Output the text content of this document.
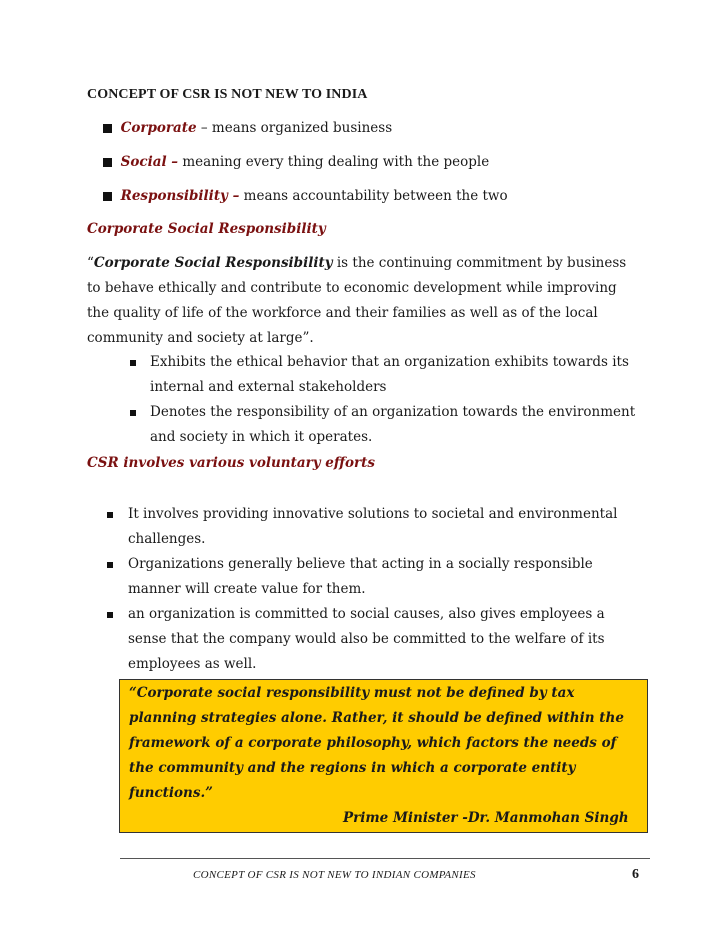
CONCEPT OF CSR IS NOT NEW TO INDIA
Corporate – means organized business
Social – meaning every thing dealing with the people
Responsibility – means accountability between the two
Corporate Social Responsibility
“Corporate Social Responsibility is the continuing commitment by business
to behave ethically and contribute to economic development while improving
the quality of life of the workforce and their families as well as of the local
community and society at large”.
Exhibits the ethical behavior that an organization exhibits towards its
internal and external stakeholders
Denotes the responsibility of an organization towards the environment
and society in which it operates.
CSR involves various voluntary efforts
It involves providing innovative solutions to societal and environmental
challenges.
Organizations generally believe that acting in a socially responsible
manner will create value for them.
an organization is committed to social causes, also gives employees a
sense that the company would also be committed to the welfare of its
employees as well.
“Corporate social responsibility must not be defined by tax
planning strategies alone. Rather, it should be defined within the
framework of a corporate philosophy, which factors the needs of
the community and the regions in which a corporate entity
functions.”
Prime Minister -Dr. Manmohan Singh
CONCEPT OF CSR IS NOT NEW TO INDIAN COMPANIES	6
